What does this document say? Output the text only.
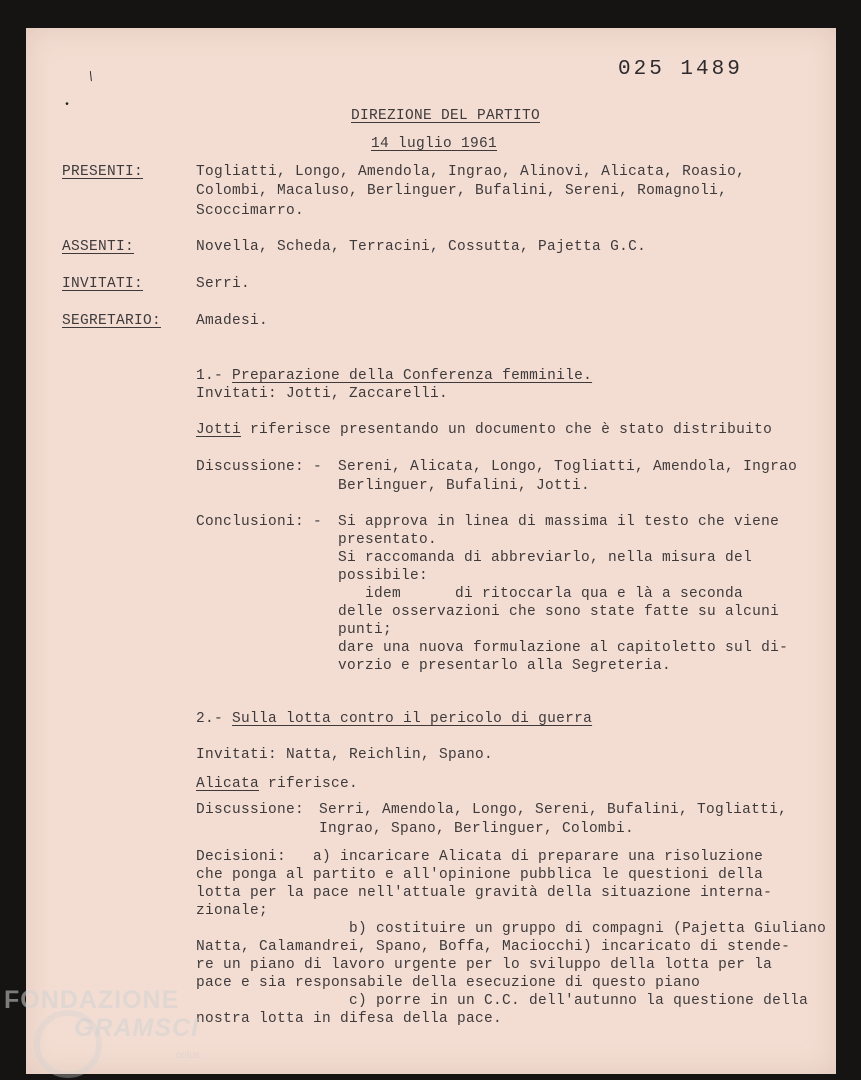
/
•
025 1489
DIREZIONE DEL PARTITO
14 luglio 1961
PRESENTI:	Togliatti, Longo, Amendola, Ingrao, Alinovi, Alicata, Roasio,
Colombi, Macaluso, Berlinguer, Bufalini, Sereni, Romagnoli,
Scoccimarro.
ASSENTI:	Novella, Scheda, Terracini, Cossutta, Pajetta G.C.
INVITATI:	Serri.
SEGRETARIO: Amadesi.
1.- Preparazione della Conferenza femminile.
Invitati: Jotti, Zaccarelli.
Jotti riferisce presentando un documento che è stato distribuito
Discussione: - Sereni, Alicata, Longo, Togliatti, Amendola, Ingrao
Berlinguer, Bufalini, Jotti.
Conclusioni: - Si approva in linea di massima il testo che viene
presentato.
Si raccomanda di abbreviarlo, nella misura del
possibile:
idem      di ritoccarla qua e là a seconda
delle osservazioni che sono state fatte su alcuni
punti;
dare una nuova formulazione al capitoletto sul di-
vorzio e presentarlo alla Segreteria.
2.- Sulla lotta contro il pericolo di guerra
Invitati: Natta, Reichlin, Spano.
Alicata riferisce.
Discussione: Serri, Amendola, Longo, Sereni, Bufalini, Togliatti,
Ingrao, Spano, Berlinguer, Colombi.
Decisioni:   a) incaricare Alicata di preparare una risoluzione
che ponga al partito e all'opinione pubblica le questioni della
lotta per la pace nell'attuale gravità della situazione interna-
zionale;
b) costituire un gruppo di compagni (Pajetta Giuliano
Natta, Calamandrei, Spano, Boffa, Maciocchi) incaricato di stende-
re un piano di lavoro urgente per lo sviluppo della lotta per la
pace e sia responsabile della esecuzione di questo piano
c) porre in un C.C. dell'autunno la questione della
nostra lotta in difesa della pace.
FONDAZIONE
GRAMSCI
onlus
